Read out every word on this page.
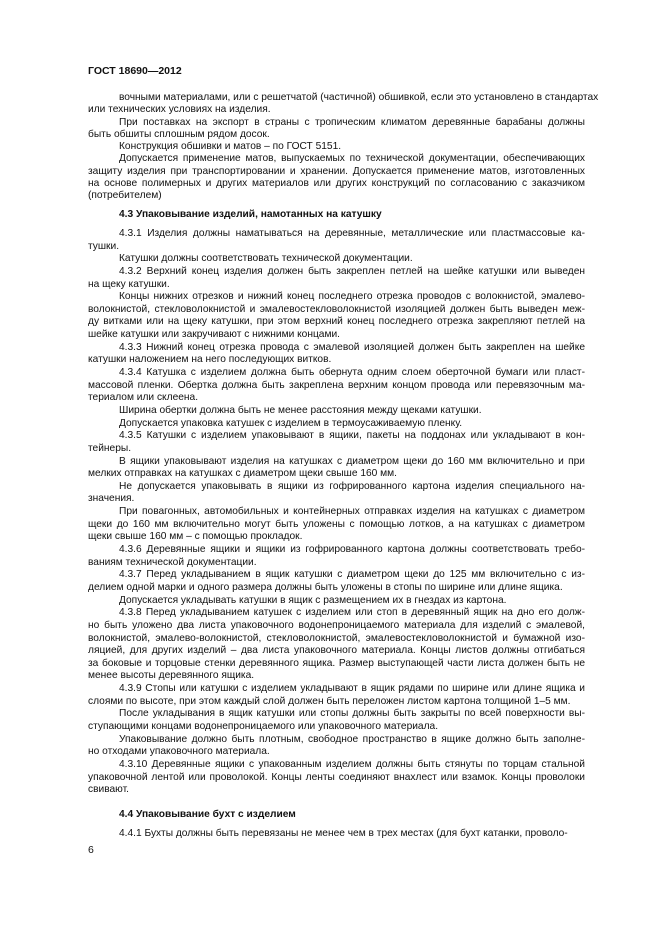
ГОСТ 18690—2012
вочными материалами, или с решетчатой (частичной) обшивкой, если это установлено в стандартах
или технических условиях на изделия.
При поставках на экспорт в страны с тропическим климатом деревянные барабаны должны
быть обшиты сплошным рядом досок.
Конструкция обшивки и матов – по ГОСТ 5151.
Допускается применение матов, выпускаемых по технической документации, обеспечивающих
защиту изделия при транспортировании и хранении. Допускается применение матов, изготовленных
на основе полимерных и других материалов или других конструкций по согласованию с заказчиком
(потребителем)
4.3 Упаковывание изделий, намотанных на катушку
4.3.1 Изделия должны наматываться на деревянные, металлические или пластмассовые ка-
тушки.
Катушки должны соответствовать технической документации.
4.3.2 Верхний конец изделия должен быть закреплен петлей на шейке катушки или выведен
на щеку катушки.
Концы нижних отрезков и нижний конец последнего отрезка проводов с волокнистой, эмалево-
волокнистой, стекловолокнистой и эмалевостекловолокнистой изоляцией должен быть выведен меж-
ду витками или на щеку катушки, при этом верхний конец последнего отрезка закрепляют петлей на
шейке катушки или закручивают с нижними концами.
4.3.3 Нижний конец отрезка провода с эмалевой изоляцией должен быть закреплен на шейке
катушки наложением на него последующих витков.
4.3.4 Катушка с изделием должна быть обернута одним слоем оберточной бумаги или пласт-
массовой пленки. Обертка должна быть закреплена верхним концом провода или перевязочным ма-
териалом или склеена.
Ширина обертки должна быть не менее расстояния между щеками катушки.
Допускается упаковка катушек с изделием в термоусаживаемую пленку.
4.3.5 Катушки с изделием упаковывают в ящики, пакеты на поддонах или укладывают в кон-
тейнеры.
В ящики упаковывают изделия на катушках с диаметром щеки до 160 мм включительно и при
мелких отправках на катушках с диаметром щеки свыше 160 мм.
Не допускается упаковывать в ящики из гофрированного картона изделия специального на-
значения.
При повагонных, автомобильных и контейнерных отправках изделия на катушках с диаметром
щеки до 160 мм включительно могут быть уложены с помощью лотков, а на катушках с диаметром
щеки свыше 160 мм – с помощью прокладок.
4.3.6 Деревянные ящики и ящики из гофрированного картона должны соответствовать требо-
ваниям технической документации.
4.3.7 Перед укладыванием в ящик катушки с диаметром щеки до 125 мм включительно с из-
делием одной марки и одного размера должны быть уложены в стопы по ширине или длине ящика.
Допускается укладывать катушки в ящик с размещением их в гнездах из картона.
4.3.8 Перед укладыванием катушек с изделием или стоп в деревянный ящик на дно его долж-
но быть уложено два листа упаковочного водонепроницаемого материала для изделий с эмалевой,
волокнистой, эмалево-волокнистой, стекловолокнистой, эмалевостекловолокнистой и бумажной изо-
ляцией, для других изделий – два листа упаковочного материала. Концы листов должны отгибаться
за боковые и торцовые стенки деревянного ящика. Размер выступающей части листа должен быть не
менее высоты деревянного ящика.
4.3.9 Стопы или катушки с изделием укладывают в ящик рядами по ширине или длине ящика и
слоями по высоте, при этом каждый слой должен быть переложен листом картона толщиной 1–5 мм.
После укладывания в ящик катушки или стопы должны быть закрыты по всей поверхности вы-
ступающими концами водонепроницаемого или упаковочного материала.
Упаковывание должно быть плотным, свободное пространство в ящике должно быть заполне-
но отходами упаковочного материала.
4.3.10 Деревянные ящики с упакованным изделием должны быть стянуты по торцам стальной
упаковочной лентой или проволокой. Концы ленты соединяют внахлест или взамок. Концы проволоки
свивают.
4.4 Упаковывание бухт с изделием
4.4.1 Бухты должны быть перевязаны не менее чем в трех местах (для бухт катанки, проволо-
6
